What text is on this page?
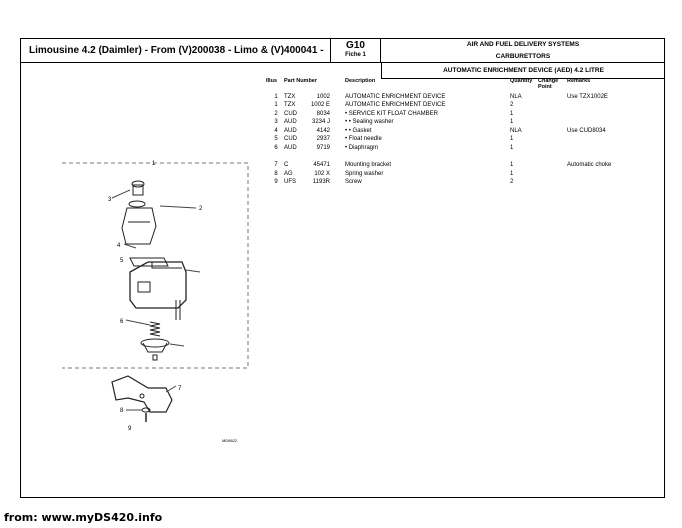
Limousine 4.2 (Daimler) - From (V)200038 - Limo & (V)400041 -	G10
Fiche 1
AIR AND FUEL DELIVERY SYSTEMS
CARBURETTORS
AUTOMATIC ENRICHMENT DEVICE (AED) 4.2 LITRE
Illus Part Number	Description	Quantity Change Point
Remarks
1	TZX	1002	AUTOMATIC ENRICHMENT DEVICE	NLA	Use TZX1002E
1	TZX	1002 E	AUTOMATIC ENRICHMENT DEVICE	2
2	CUD	8034	• SERVICE KIT FLOAT CHAMBER	1
3	AUD	3234 J	• • Sealing washer	1
4	AUD	4142	• • Gasket	NLA	Use CUD8034
5	CUD	2937	• Float needle	1
6	AUD	9719	• Diaphragm	1
7	C	45471	Mounting bracket	1	Automatic choke
8	AG	102 X	Spring washer	1
9	UFS	1193R	Screw	2
1
2
3
4
5
6
7
8
9
MD8622
from: www.myDS420.info
